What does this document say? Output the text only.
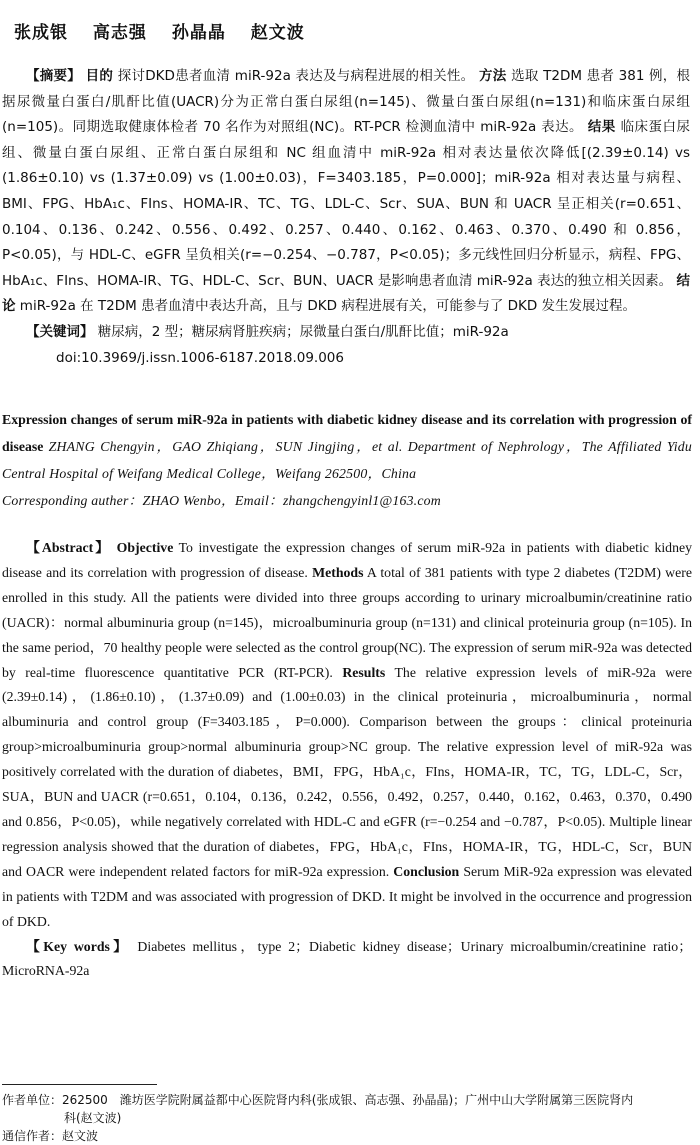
张成银 高志强 孙晶晶 赵文波

【摘要】 目的 探讨DKD患者血清 miR-92a 表达及与病程进展的相关性。 方法 选取 T2DM 患者 381 例，根据尿微量白蛋白/肌酐比值(UACR)分为正常白蛋白尿组(n=145)、微量白蛋白尿组(n=131)和临床蛋白尿组(n=105)。同期选取健康体检者 70 名作为对照组(NC)。RT-PCR 检测血清中 miR-92a 表达。 结果 临床蛋白尿组、微量白蛋白尿组、正常白蛋白尿组和 NC 组血清中 miR-92a 相对表达量依次降低[(2.39±0.14) vs (1.86±0.10) vs (1.37±0.09) vs (1.00±0.03)，F=3403.185，P=0.000]；miR-92a 相对表达量与病程、BMI、FPG、HbA₁c、FIns、HOMA-IR、TC、TG、LDL-C、Scr、SUA、BUN 和 UACR 呈正相关(r=0.651、0.104、0.136、0.242、0.556、0.492、0.257、0.440、0.162、0.463、0.370、0.490 和 0.856，P<0.05)，与 HDL-C、eGFR 呈负相关(r=−0.254、−0.787，P<0.05)；多元线性回归分析显示，病程、FPG、HbA₁c、FIns、HOMA-IR、TG、HDL-C、Scr、BUN、UACR 是影响患者血清 miR-92a 表达的独立相关因素。 结论 miR-92a 在 T2DM 患者血清中表达升高，且与 DKD 病程进展有关，可能参与了 DKD 发生发展过程。

【关键词】 糖尿病，2 型；糖尿病肾脏疾病；尿微量白蛋白/肌酐比值；miR-92a

doi:10.3969/j.issn.1006-6187.2018.09.006

Expression changes of serum miR-92a in patients with diabetic kidney disease and its correlation with progression of disease ZHANG Chengyin，GAO Zhiqiang，SUN Jingjing，et al. Department of Nephrology，The Affiliated Yidu Central Hospital of Weifang Medical College，Weifang 262500，China
Corresponding auther：ZHAO Wenbo，Email：zhangchengyinl1@163.com

【Abstract】 Objective To investigate the expression changes of serum miR-92a in patients with diabetic kidney disease and its correlation with progression of disease. Methods A total of 381 patients with type 2 diabetes (T2DM) were enrolled in this study. All the patients were divided into three groups according to urinary microalbumin/creatinine ratio (UACR)：normal albuminuria group (n=145)，microalbuminuria group (n=131) and clinical proteinuria group (n=105). In the same period，70 healthy people were selected as the control group(NC). The expression of serum miR-92a was detected by real-time fluorescence quantitative PCR (RT-PCR). Results The relative expression levels of miR-92a were (2.39±0.14)，(1.86±0.10)，(1.37±0.09) and (1.00±0.03) in the clinical proteinuria，microalbuminuria，normal albuminuria and control group (F=3403.185，P=0.000). Comparison between the groups：clinical proteinuria group>microalbuminuria group>normal albuminuria group>NC group. The relative expression level of miR-92a was positively correlated with the duration of diabetes，BMI，FPG，HbA₁c，FIns，HOMA-IR，TC，TG，LDL-C，Scr，SUA，BUN and UACR (r=0.651，0.104，0.136，0.242，0.556，0.492，0.257，0.440，0.162，0.463，0.370，0.490 and 0.856，P<0.05)，while negatively correlated with HDL-C and eGFR (r=−0.254 and −0.787，P<0.05). Multiple linear regression analysis showed that the duration of diabetes，FPG，HbA₁c，FIns，HOMA-IR，TG，HDL-C，Scr，BUN and OACR were independent related factors for miR-92a expression. Conclusion Serum MiR-92a expression was elevated in patients with T2DM and was associated with progression of DKD. It might be involved in the occurrence and progression of DKD.

【Key words】 Diabetes mellitus，type 2；Diabetic kidney disease；Urinary microalbumin/creatinine ratio；MicroRNA-92a

作者单位：262500　潍坊医学院附属益都中心医院肾内科(张成银、高志强、孙晶晶)；广州中山大学附属第三医院肾内

科(赵文波)

通信作者：赵文波
